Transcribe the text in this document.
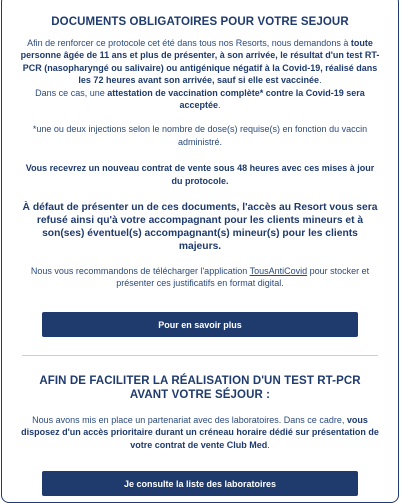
DOCUMENTS OBLIGATOIRES POUR VOTRE SEJOUR

Afin de renforcer ce protocole cet été dans tous nos Resorts, nous demandons à toute personne âgée de 11 ans et plus de présenter, à son arrivée, le résultat d'un test RT-PCR (nasopharyngé ou salivaire) ou antigénique négatif à la Covid-19, réalisé dans les 72 heures avant son arrivée, sauf si elle est vaccinée.

Dans ce cas, une attestation de vaccination complète* contre la Covid-19 sera acceptée.

*une ou deux injections selon le nombre de dose(s) requise(s) en fonction du vaccin administré.

Vous recevrez un nouveau contrat de vente sous 48 heures avec ces mises à jour du protocole.

À défaut de présenter un de ces documents, l'accès au Resort vous sera refusé ainsi qu'à votre accompagnant pour les clients mineurs et à son(ses) éventuel(s) accompagnant(s) mineur(s) pour les clients majeurs.

Nous vous recommandons de télécharger l'application TousAntiCovid pour stocker et présenter ces justificatifs en format digital.

Pour en savoir plus
AFIN DE FACILITER LA RÉALISATION D'UN TEST RT-PCR AVANT VOTRE SÉJOUR :

Nous avons mis en place un partenariat avec des laboratoires. Dans ce cadre, vous disposez d'un accès prioritaire durant un créneau horaire dédié sur présentation de votre contrat de vente Club Med.

Je consulte la liste des laboratoires
